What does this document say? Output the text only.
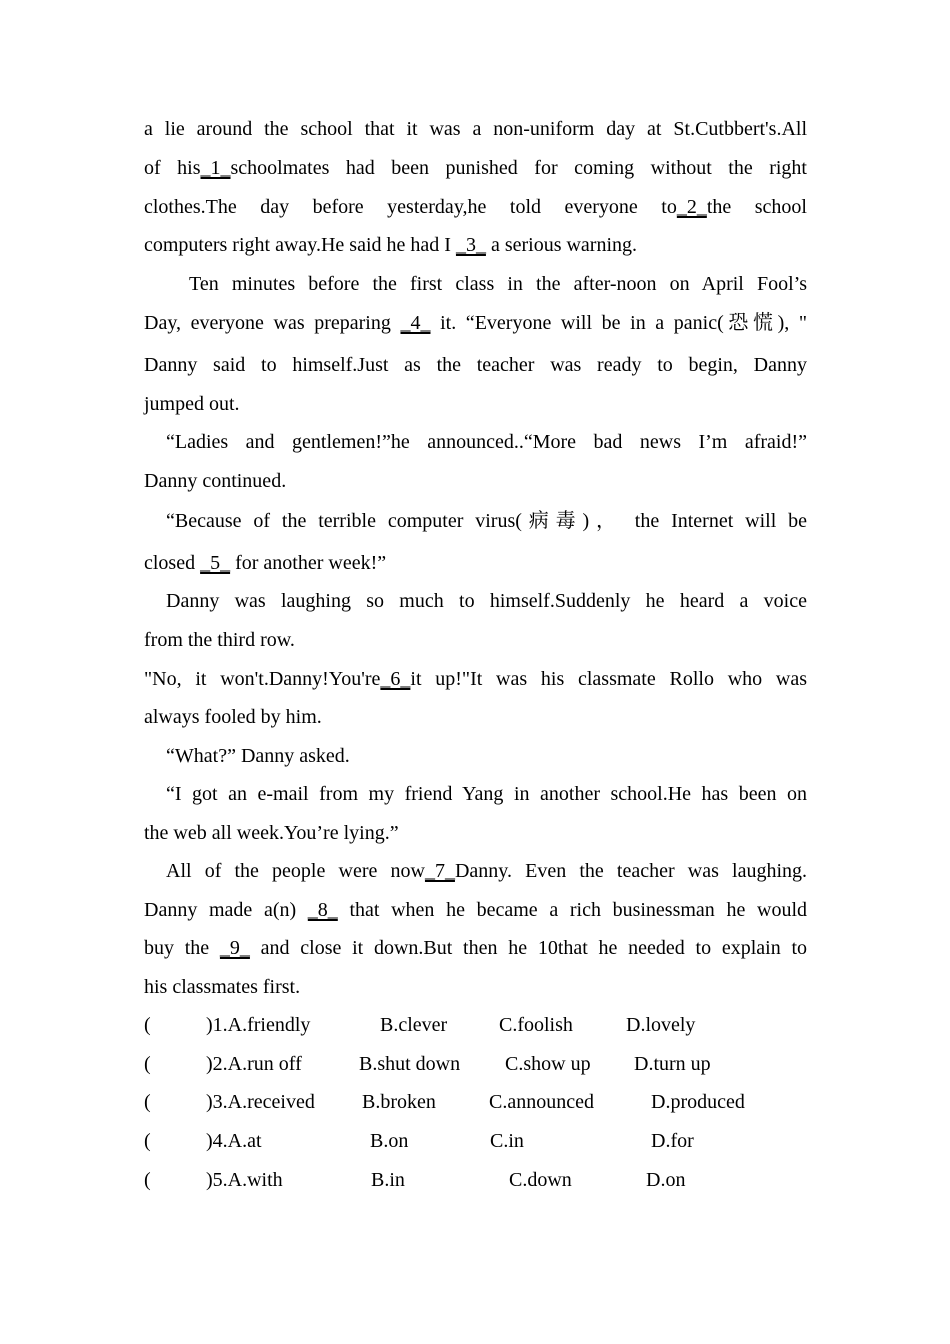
a lie around the school that it was a non-uniform day at St.Cutbbert's.All
of his_1_schoolmates had been punished for coming without the right
clothes.The day before yesterday,he told everyone to_2_the school
computers right away.He said he had I _3_ a serious warning.
Ten minutes before the first class in the after-noon on April Fool’s
Day, everyone was preparing _4_ it. “Everyone will be in a panic(恐慌), "
Danny said to himself.Just as the teacher was ready to begin, Danny
jumped out.
“Ladies and gentlemen!”he announced..“More bad news I’m afraid!”
Danny continued.
“Because of the terrible computer virus(病毒)， the Internet will be
closed _5_ for another week!”
Danny was laughing so much to himself.Suddenly he heard a voice
from the third row.
"No, it won't.Danny!You're_6_it up!"It was his classmate Rollo who was
always fooled by him.
“What?” Danny asked.
“I got an e-mail from my friend Yang in another school.He has been on
the web all week.You’re lying.”
All of the people were now_7_Danny. Even the teacher was laughing.
Danny made a(n) _8_ that when he became a rich businessman he would
buy the _9_ and close it down.But then he 10that he needed to explain to
his classmates first.
(	)1.A.friendly	B.clever	C.foolish	D.lovely
(	)2.A.run off	B.shut down C.show up D.turn up
(	)3.A.received B.broken	C.announced	D.produced
(	)4.A.at	B.on	C.in	D.for
(	)5.A.with	B.in	C.down	D.on
